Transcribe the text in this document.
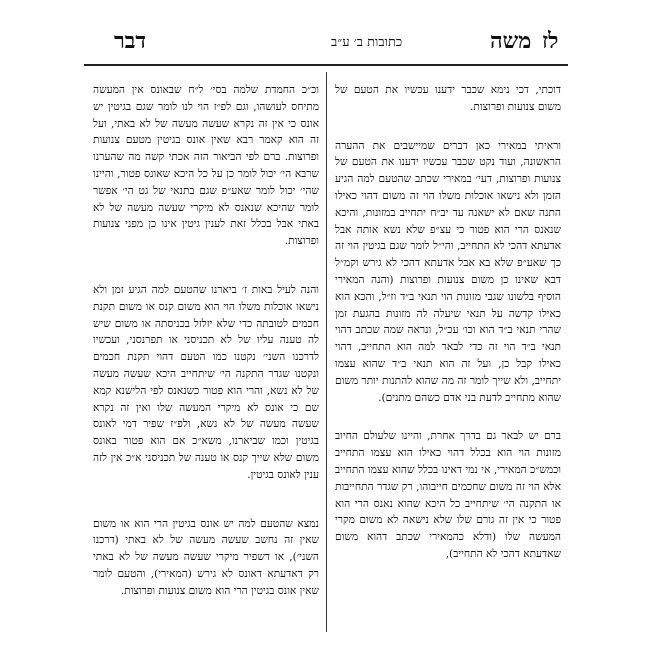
דבר	כתובות ב׳ ע״ב	משה לז

דוכתי, דכי נימא שכבר ידענו עכשיו את הטעם של משום צנועות ופרוצות.

וראיתי במאירי כאן דברים שמיישבים את ההערה הראשונה, ועוד נקט שכבר עכשיו ידענו את הטעם של צנועות ופרוצות, דעי׳ במאירי שכתב שהטעם למה הגיע הזמן ולא נישאו אוכלות משלו הוי זה משום דהוי כאילו התנה שאם לא ישאנה עד יב״ח יתחייב במזונות, והיכא שנאנס הרי הוא פטור כי עצ״פ שלא נשא אותה אבל אדעתא דהכי לא התחייב, והי״ל לומר שגם בגיטין הוי זה כך שאע״פ שלא בא אבל אדעתא דהכי לא גירש וקמ״ל דבא שאינו כן משום צנועות ופרוצות (והנה המאירי הוסיף בלשונו שגבי מזונות הוי תנאי ב״ד וז״ל, והכא הוא כאילו קדשה על תנאי שיעלה לה מזונות בהגעת זמן שהרי תנאי ב״ד הוא וכו׳ עכ״ל, ונראה שמה שכתב דהוי תנאי ב״ד הוי זה כדי לבאר למה הוא התחייב, דהוי כאילו קבל כן, ועל זה הוא תנאי ב״ד שהוא עצמו יתחייב, ולא שייך לומר זה מה שהוא להתנות יותר משום שהוא מתחייב לדעת בני אדם כשהם מתנים).

ברם יש לבאר גם בדרך אחרת, והיינו שלעולם החיוב מזונות הוי הוא בכלל דהוי כאילו הוא עצמו התחייב וכמש״כ המאירי, אי נמי דאינו בכלל שהוא עצמו התחייב אלא הוי זה משום שחכמים חייבוהו, רק שגדר התחייבות או התקנה הי׳ שיתחייב כל היכא שהוא נאנס הרי הוא פטור כי אין זה גורם שלו שלא נישאה לא משום מקרי המעשה שלו (ודלא כהמאירי שכתב דהוא משום שאדעתא דהכי לא התחייב),

וכ״כ החמדת שלמה בסי׳ ל״ח שבאונס אין המעשה מתיחס לעושהו, וגם לפ״ז הוי לנו לומר שגם בגיטין יש אונס כי אין זה נקרא שעשה מעשה של לא באתי, ועל זה הוא קאמר רבא שאין אונס בגיטין מטעם צנועות ופרוצות. ברם לפי הביאור הזה אכתי קשה מה שהערנו שרבא הי׳ יכול לומר כן על כל היכא שאונס פטור, והיינו שהי׳ יכול לומר שאע״פ שגם בתנאי של גט הי׳ אפשר לומר שהיכא שנאנס לא מיקרי שעשה מעשה של לא באתי אבל בכלל זאת לענין גיטין אינו כן מפני צנועות ופרוצות.

והנה לעיל באות ז׳ ביארנו שהטעם למה הגיע זמן ולא נישאו אוכלות משלו הוי הוא משום קנס או משום תקנת חכמים לטובתה כדי שלא יזלזל בכניסתה או משום שיש לה טענה עליו של לא תכניסני או תפרנסני, ועכשיו לדרכנו השני׳ נקטנו כמו הטעם דהוי תקנת חכמים ונקטנו שגדר התקנה הי׳ שיתחייב היכא שעשה מעשה של לא נשא, והרי הוא פטור כשנאנס לפי הלישנא קמא שם כי אונס לא מיקרי המעשה שלו ואין זה נקרא שעשה מעשה של לא נשא, ולפ״ז שפיר דמי לאונס בגיטין וכמו שביארנו, משא״כ אם הוא פטור באונס משום שלא שייך קנס או טענה של תכניסני א״כ אין לזה ענין לאונס בגיטין.

נמצא שהטעם למה יש אונס בגיטין הרי הוא או משום שאין זה נחשב שעשה מעשה של לא באתי (דרכנו השני׳), או דשפיר מיקרי שעשה מעשה של לא באתי רק דאדעתא דאונס לא גירש (המאירי), והטעם לומר שאין אונס בגיטין הרי הוא משום צנועות ופרוצות.
